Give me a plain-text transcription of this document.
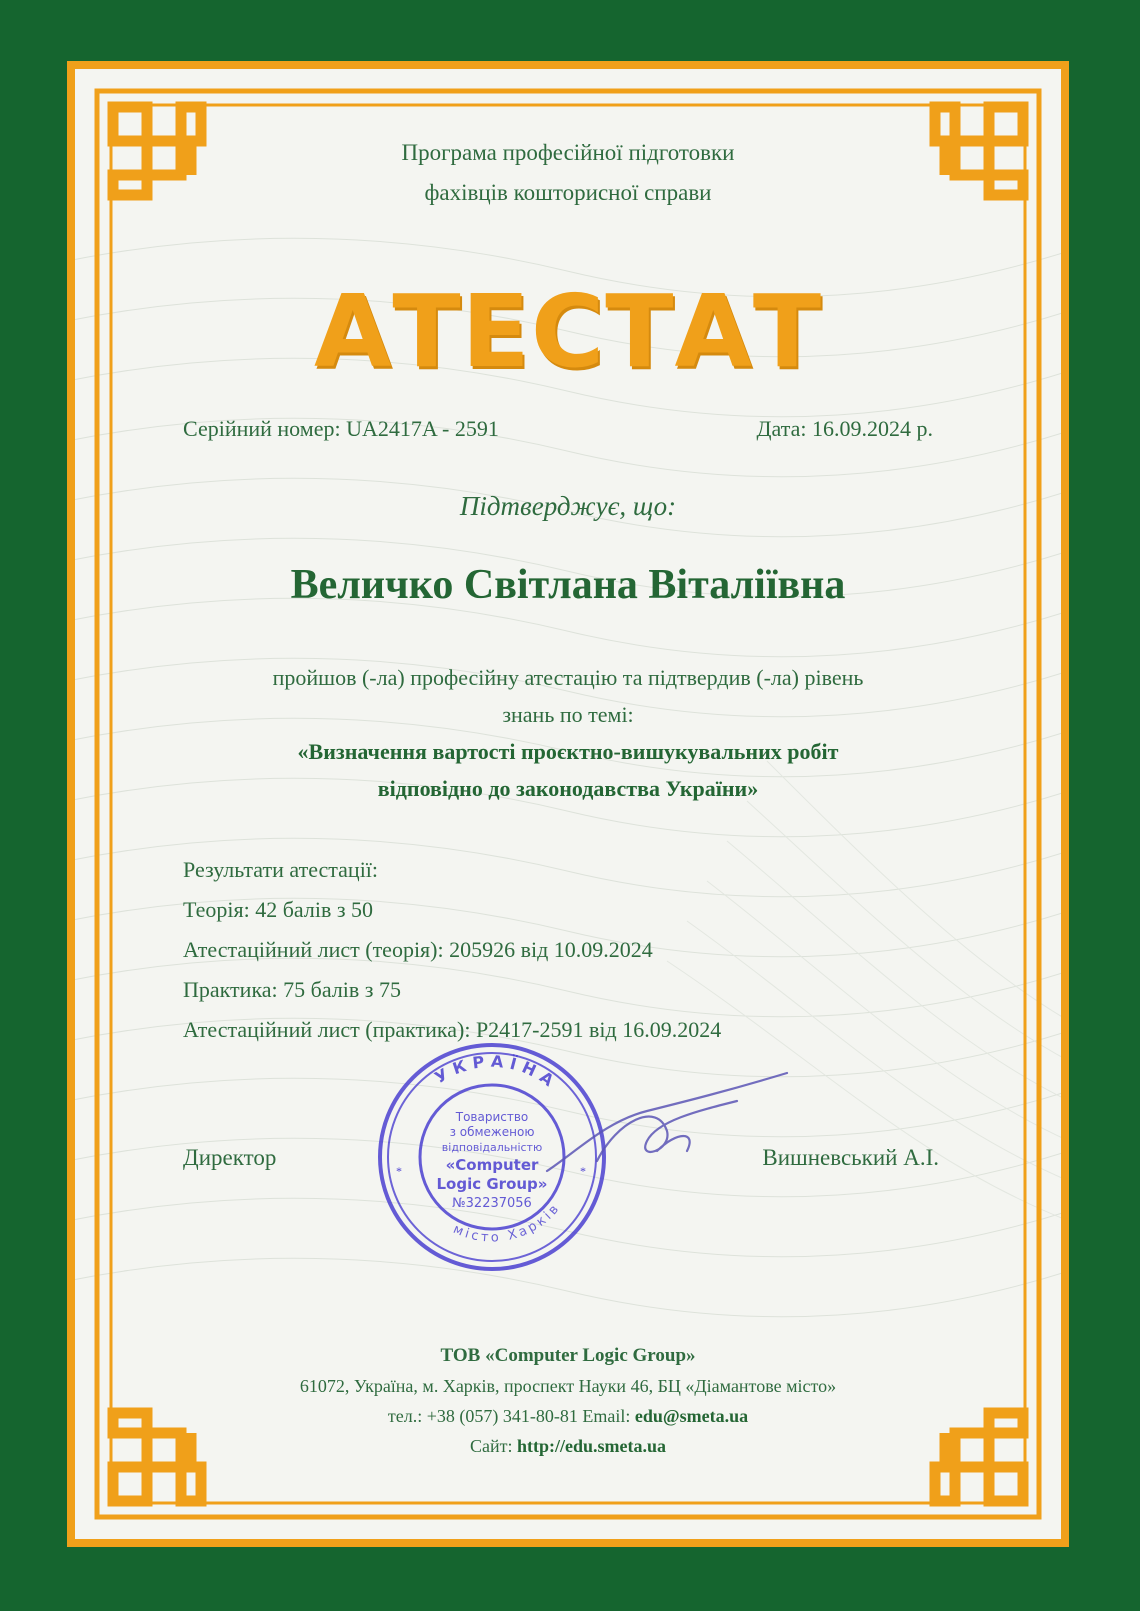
Програма професійної підготовки
фахівців кошторисної справи
АТЕСТАТ
Серійний номер: UA2417A - 2591	Дата: 16.09.2024 р.
Підтверджує, що:
Величко Світлана Віталіївна
пройшов (-ла) професійну атестацію та підтвердив (-ла) рівень
знань по темі:
«Визначення вартості проєктно-вишукувальних робіт
відповідно до законодавства України»
Результати атестації:
Теорія: 42 балів з 50
Атестаційний лист (теорія): 205926 від 10.09.2024
Практика: 75 балів з 75
Атестаційний лист (практика): P2417-2591 від 16.09.2024
Директор	Вишневський А.І.
УКРАЇНА
місто Харків
Товариство
з обмеженою
відповідальністю
«Computer
Logic Group»
№32237056
*	*
ТОВ «Computer Logic Group»
61072, Україна, м. Харків, проспект Науки 46, БЦ «Діамантове місто»
тел.: +38 (057) 341-80-81 Email: edu@smeta.ua
Сайт: http://edu.smeta.ua
